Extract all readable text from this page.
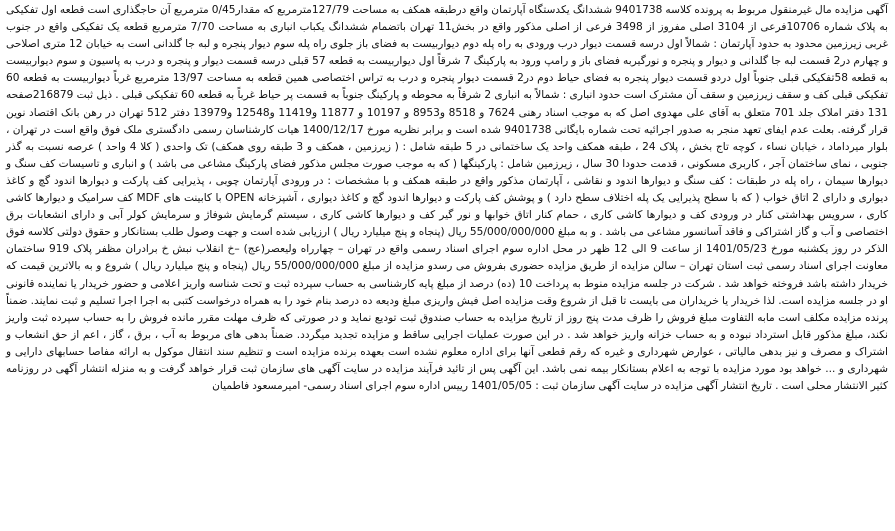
آگهی مزایده مال غیرمنقول مربوط به پرونده کلاسه 9401738 ششدانگ یکدستگاه آپارتمان واقع درطبقه همکف به مساحت 127/79مترمربع که مقدار0/45 مترمربع آن حاجگذاری است قطعه اول تفکیکی به پلاک شماره 10706فرعی از 3104 اصلی مفروز از 3498 فرعی از اصلی مذکور واقع در بخش11 تهران باتضمام ششدانگ یکباب انباری به مساحت 7/70 مترمربع قطعه یک تفکیکی واقع در جنوب غربی زیرزمین محدود به حدود آپارتمان : شمالاً اول درسه قسمت دیوار درب ورودی به راه پله دوم دیواربیست به فضای باز جلوی راه پله سوم دیوار پنجره و لبه جا گلدانی است به خیابان 12 متری اصلاحی و چهارم در2 قسمت لبه جا گلدانی و دیوار و پنجره و نورگیربه فضای باز و رامپ ورود به پارکینگ 7 شرقاً اول دیواربیست به قطعه 57 قبلی درسه قسمت دیوار و پنجره و درب به پاسیون و سوم دیواربیست به قطعه 58تفکیکی قبلی جنوباً اول دردو قسمت دیوار پنجره به فضای حیاط دوم در2 قسمت دیوار پنجره و درب به تراس اختصاصی همین قطعه به مساحت 13/97 مترمربع غرباً دیواربیست به قطعه 60 تفکیکی قبلی کف و سقف زیرزمین و سقف آن مشترک است حدود انباری : شمالاً به انباری 2 شرقاً به محوطه و پارکینگ جنوباً به قسمت پر حیاط غرباً به قطعه 60 تفکیکی قبلی . ذیل ثبت 216879صفحه 131 دفتر املاک جلد 701 متعلق به آقای علی مهدوی اصل که به موجب اسناد رهنی 7624 و 8518 و8953 و 10197 و 11877 و11419 و12548 و13979 دفتر 512 تهران در رهن بانک اقتصاد نوین قرار گرفته. بعلت عدم ایفای تعهد منجر به صدور اجرائیه تحت شماره بایگانی 9401738 شده است و برابر نظریه مورخ 1400/12/17 هیات کارشناسان رسمی دادگستری ملک فوق واقع است در تهران ، بلوار میرداماد ، خیابان نساء ، کوچه تاج بخش ، پلاک 24 ، طبقه همکف واحد یک ساختمانی در 5 طبقه شامل : ( زیرزمین ، همکف و 3 طبقه روی همکف) تک واحدی ( کلا 4 واحد ) عرصه نسبت به گذر جنوبی ، نمای ساختمان آجر ، کاربری مسکونی ، قدمت حدودا 30 سال ، زیرزمین شامل : پارکینگها ( که به موجب صورت مجلس مذکور فضای پارکینگ مشاعی می باشد ) و انباری و تاسیسات کف سنگ و دیوارها سیمان ، راه پله در طبقات : کف سنگ و دیوارها اندود و نقاشی ، آپارتمان مذکور واقع در طبقه همکف و با مشخصات : در ورودی آپارتمان چوبی ، پذیرایی کف پارکت و دیوارها اندود گچ و کاغذ دیواری و دارای 2 اتاق خواب ( که با سطح پذیرایی یک پله اختلاف سطح دارد ) و پوشش کف پارکت و دیوارها اندود گچ و کاغذ دیواری ، آشپزخانه OPEN با کابینت های MDF کف سرامیک و دیوارها کاشی کاری ، سرویس بهداشتی کنار در ورودی کف و دیوارها کاشی کاری ، حمام کنار اتاق خوابها و نور گیر کف و دیوارها کاشی کاری ، سیستم گرمایش شوفاژ و سرمایش کولر آبی و دارای انشعابات برق اختصاصی و آب و گاز اشتراکی و فاقد آسانسور مشاعی می باشد . و به مبلغ 55/000/000/000 ریال (پنجاه و پنج میلیارد ریال ) ارزیابی شده است و جهت وصول طلب بستانکار و حقوق دولتی کلاسه فوق الذکر در روز یکشنبه مورخ 1401/05/23 از ساعت 9 الی 12 ظهر در محل اداره سوم اجرای اسناد رسمی واقع در تهران – چهارراه ولیعصر(عج) –خ انقلاب نبش خ برادران مظفر پلاک 919 ساختمان معاونت اجرای اسناد رسمی ثبت استان تهران – سالن مزایده از طریق مزایده حضوری بفروش می رسدو مزایده از مبلغ 55/000/000/000 ریال (پنجاه و پنج میلیارد ریال ) شروع و به بالاترین قیمت که خریدار داشته باشد فروخته خواهد شد . شرکت در جلسه مزایده منوط به پرداخت 10 (ده) درصد از مبلغ پایه کارشناسی به حساب سپرده ثبت و تحت شناسه واریز اعلامی و حضور خریدار یا نماینده قانونی او در جلسه مزایده است. لذا خریدار یا خریداران می بایست تا قبل از شروع وقت مزایده اصل فیش واریزی مبلغ ودیعه ده درصد بنام خود را به همراه درخواست کتبی به اجرا اجرا تسلیم و ثبت نمایند. ضمناً پرنده مزایده مکلف است مابه التفاوت مبلغ فروش را ظرف مدت پنج روز از تاریخ مزایده به حساب صندوق ثبت تودیع نماید و در صورتی که ظرف مهلت مقرر مانده فروش را به حساب سپرده ثبت واریز نکند، مبلغ مذکور قابل استرداد نبوده و به حساب خزانه واریز خواهد شد . در این صورت عملیات اجرایی ساقط و مزایده تجدید میگردد. ضمناً بدهی های مربوط به آب ، برق ، گاز ، اعم از حق انشعاب و اشتراک و مصرف و نیز بدهی مالیاتی ، عوارض شهرداری و غیره که رقم قطعی آنها برای اداره معلوم نشده است بعهده برنده مزایده است و تنظیم سند انتقال موکول به ارائه مفاصا حسابهای دارایی و شهرداری و ... خواهد بود مورد مزایده با توجه به اعلام بستانکار بیمه نمی باشد. این آگهی پس از تائید فرآیند مزایده در سایت آگهی های سازمان ثبت قرار خواهد گرفت و به منزله انتشار آگهی در روزنامه کثیر الانتشار محلی است . تاریخ انتشار آگهی مزایده در سایت آگهی سازمان ثبت : 1401/05/05 رییس اداره سوم اجرای اسناد رسمی- امیرمسعود فاطمیان
